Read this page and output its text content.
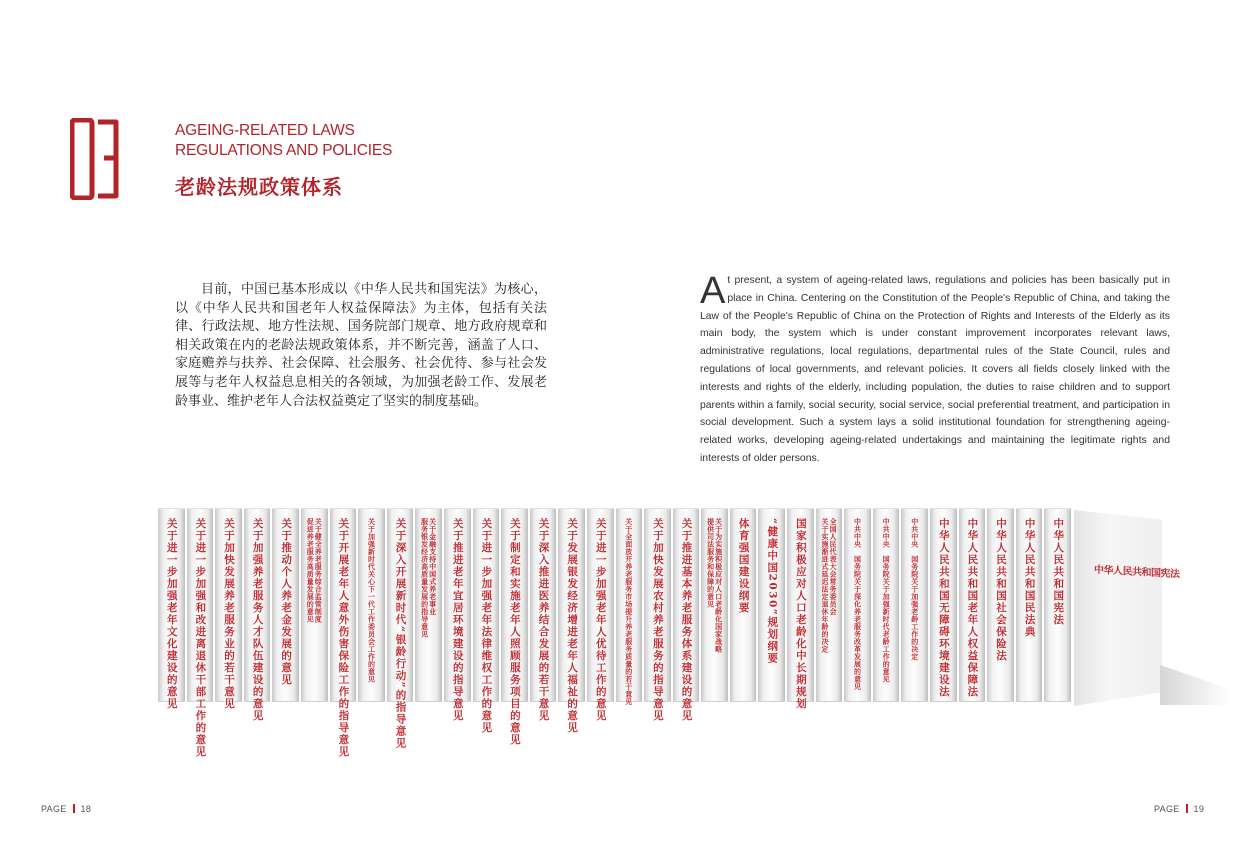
AGEING-RELATED LAWS
REGULATIONS AND POLICIES
老龄法规政策体系

目前，中国已基本形成以《中华人民共和国宪法》为核心，以《中华人民共和国老年人权益保障法》为主体，包括有关法律、行政法规、地方性法规、国务院部门规章、地方政府规章和相关政策在内的老龄法规政策体系，并不断完善，涵盖了人口、家庭赡养与扶养、社会保障、社会服务、社会优待、参与社会发展等与老年人权益息息相关的各领域，为加强老龄工作、发展老龄事业、维护老年人合法权益奠定了坚实的制度基础。

At present, a system of ageing-related laws, regulations and policies has been basically put in place in China. Centering on the Constitution of the People's Republic of China, and taking the Law of the People's Republic of China on the Protection of Rights and Interests of the Elderly as its main body, the system which is under constant improvement incorporates relevant laws, administrative regulations, local regulations, departmental rules of the State Council, rules and regulations of local governments, and relevant policies. It covers all fields closely linked with the interests and rights of the elderly, including population, the duties to raise children and to support parents within a family, social security, social service, social preferential treatment, and participation in social development. Such a system lays a solid institutional foundation for strengthening ageing-related works, developing ageing-related undertakings and maintaining the legitimate rights and interests of older persons.

关于进一步加强老年文化建设的意见 关于进一步加强和改进离退休干部工作的意见 关于加快发展养老服务业的若干意见 关于加强养老服务人才队伍建设的意见 关于推动个人养老金发展的意见	关于健全养老服务综合监管制度
促进养老服务高质量发展的意见	关于开展老年人意外伤害保险工作的指导意见	关于加强新时代关心下一代工作委员会工作的意见 关于深入开展新时代“银龄行动”的指导意见	关于金融支持中国式养老事业
服务银发经济高质量发展的指导意见	关于推进老年宜居环境建设的指导意见 关于进一步加强老年法律维权工作的意见 关于制定和实施老年人照顾服务项目的意见 关于深入推进医养结合发展的若干意见 关于发展银发经济增进老年人福祉的意见 关于进一步加强老年人优待工作的意见	关于全面放开养老服务市场提升养老服务质量的若干意见 关于加快发展农村养老服务的指导意见 关于推进基本养老服务体系建设的意见	关于为实施积极应对人口老龄化国家战略
提供司法服务和保障的意见	体育强国建设纲要 “健康中国2030”规划纲要 国家积极应对人口老龄化中长期规划	全国人民代表大会常务委员会
关于实施渐进式延迟法定退休年龄的决定	中共中央　国务院关于深化养老服务改革发展的意见	中共中央　国务院关于加强新时代老龄工作的意见	中共中央　国务院关于加强老龄工作的决定 中华人民共和国无障碍环境建设法 中华人民共和国老年人权益保障法 中华人民共和国社会保险法 中华人民共和国民法典 中华人民共和国宪法	中华人民共和国宪法
PAGE 18	PAGE 19
